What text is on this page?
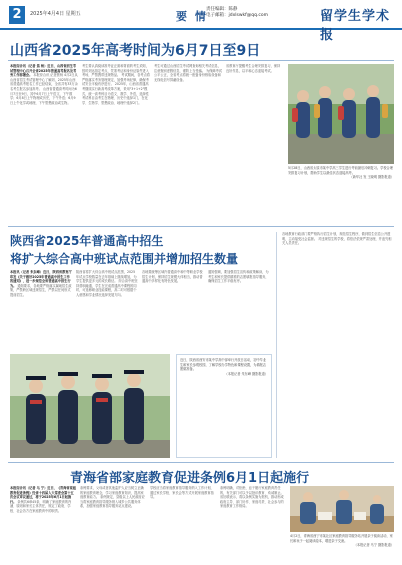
2	2025年4月4日 星期五	要 情
责任编辑：陈静
电子邮箱：jdxlswkf@qq.com	留学生学术报
山西省2025年高考时间为6月7日至9日
本报综合讯（记者 焦 杨）近日，山西省招生考试管理中心召开全省2025年普通高考报名及考务工作部署会。 本报综合讯 记者焦杨 4月2日从山西省招生考试管理中心了解到，2025年山西省普通高考报名工作已经结束，全省共有33万余名考生报名参加高考。 山西省普通高考时间为6月7日至9日，其中6月7日上午语文，下午数学；6月8日上午物理或历史，下午外语；6月9日上午化学或地理，下午思想政治或生物。
考生要认真阅读准考证正面和背面的考生须知，按时到达指定考点，凭准考证和身份证原件进入考场，严禁携带违规物品。 考试期间，各考点将严格落实考务管理规定，加强考场纪律，确保考试安全平稳有序进行。 2025年，山西省普通高考继续实行新高考改革方案，采用"3+1+2"模式，统一高考科目为语文、数学、外语，选择性考试科目由考生在物理、历史中选择1门，在化学、生物学、思想政治、地理中选择2门。
考生可通过山西招生考试网查询相关考试信息，注意甄别虚假信息，谨防上当受骗。 为保障考试公平公正，全省考点将统一配备身份核验设备和无线电信号屏蔽设备。
省教育厅提醒考生合理安排复习，保持良好作息，以平和心态迎接考试。
5月28日，山西省太原市某中学高三学生进行考前最后冲刺复习。学校合理安排复习计划，帮助学生以最佳状态迎接高考。
（新华社 发 王晓明 摄影报道）
陕西省2025年普通高中招生
将扩大综合高中班试点范围并增加招生数量
本报讯（记者 朱东峰）近日，陕西省教育厅印发《关于做好2025年普通高中招生工作的通知》，进一步规范全省普通高中招生行为。 通知要求，各地要严格落实属地招生政策，严禁跨区域违规招生，严禁以任何形式提前招生。
陕西省将扩大综合高中班试点范围，2025年试点学校数量在去年基础上继续增加，为学生提供更多元的成长路径。 综合高中班坚持普职融通，学生在完成普通高中课程的同时，可选修职业技能课程，高二时可根据个人意愿和学业情况选择发展方向。
各地要统筹区域内普通高中和中等职业学校招生计划，保持招生规模大体相当，推动普通高中多样化有特色发展。
通知强调，要加强招生宣传和政策解读，为考生和家长提供精准的志愿填报指导服务，确保招生工作平稳有序。
近日，陕西省西安市某中学高中部举行开放日活动，初中毕业生和家长参观校园，了解学校办学特色和课程设置，为填报志愿做准备。
（本报记者 朱东峰 摄影报道）
各地教育行政部门要严格执行招生计划，规范招生程序，做到招生信息公开透明，主动接受社会监督。 对违规招生的学校，将依法依规严肃处理，并追究相关人员责任。
青海省部家庭教育促进条例6月1日起施行
本报综合讯（记者 马 宁）近日，《青海省家庭教育促进条例》经省十四届人大常委会第十五次会议审议通过，将于2025年6月1日起施行。 条例共6章45条，明确了家庭教育的内涵、原则和家长主体责任，规定了政府、学校、社会各方在家庭教育中的职责。
条例要求，父母或者其他监护人应当树立正确的家庭教育理念，学习家庭教育知识，提高家庭教育能力。 条例规定，县级以上人民政府应当将家庭教育指导服务纳入城乡公共服务体系，加强家庭教育指导服务站点建设。
学校应当将家庭教育指导服务纳入工作计划，通过家长学校、家长会等方式开展家庭教育指导。
条例明确，对拒绝、怠于履行家庭教育责任的，有关部门可以予以批评教育、劝诫制止。 省妇联表示，将以条例实施为契机，推动形成政府主导、部门协作、家庭尽责、社会参与的家庭教育工作格局。
4月2日，青海省西宁市某社区家庭教育指导服务站开展亲子阅读活动，家长和孩子一起阅读绘本，增进亲子交流。
（本报记者 马宁 摄影报道）
